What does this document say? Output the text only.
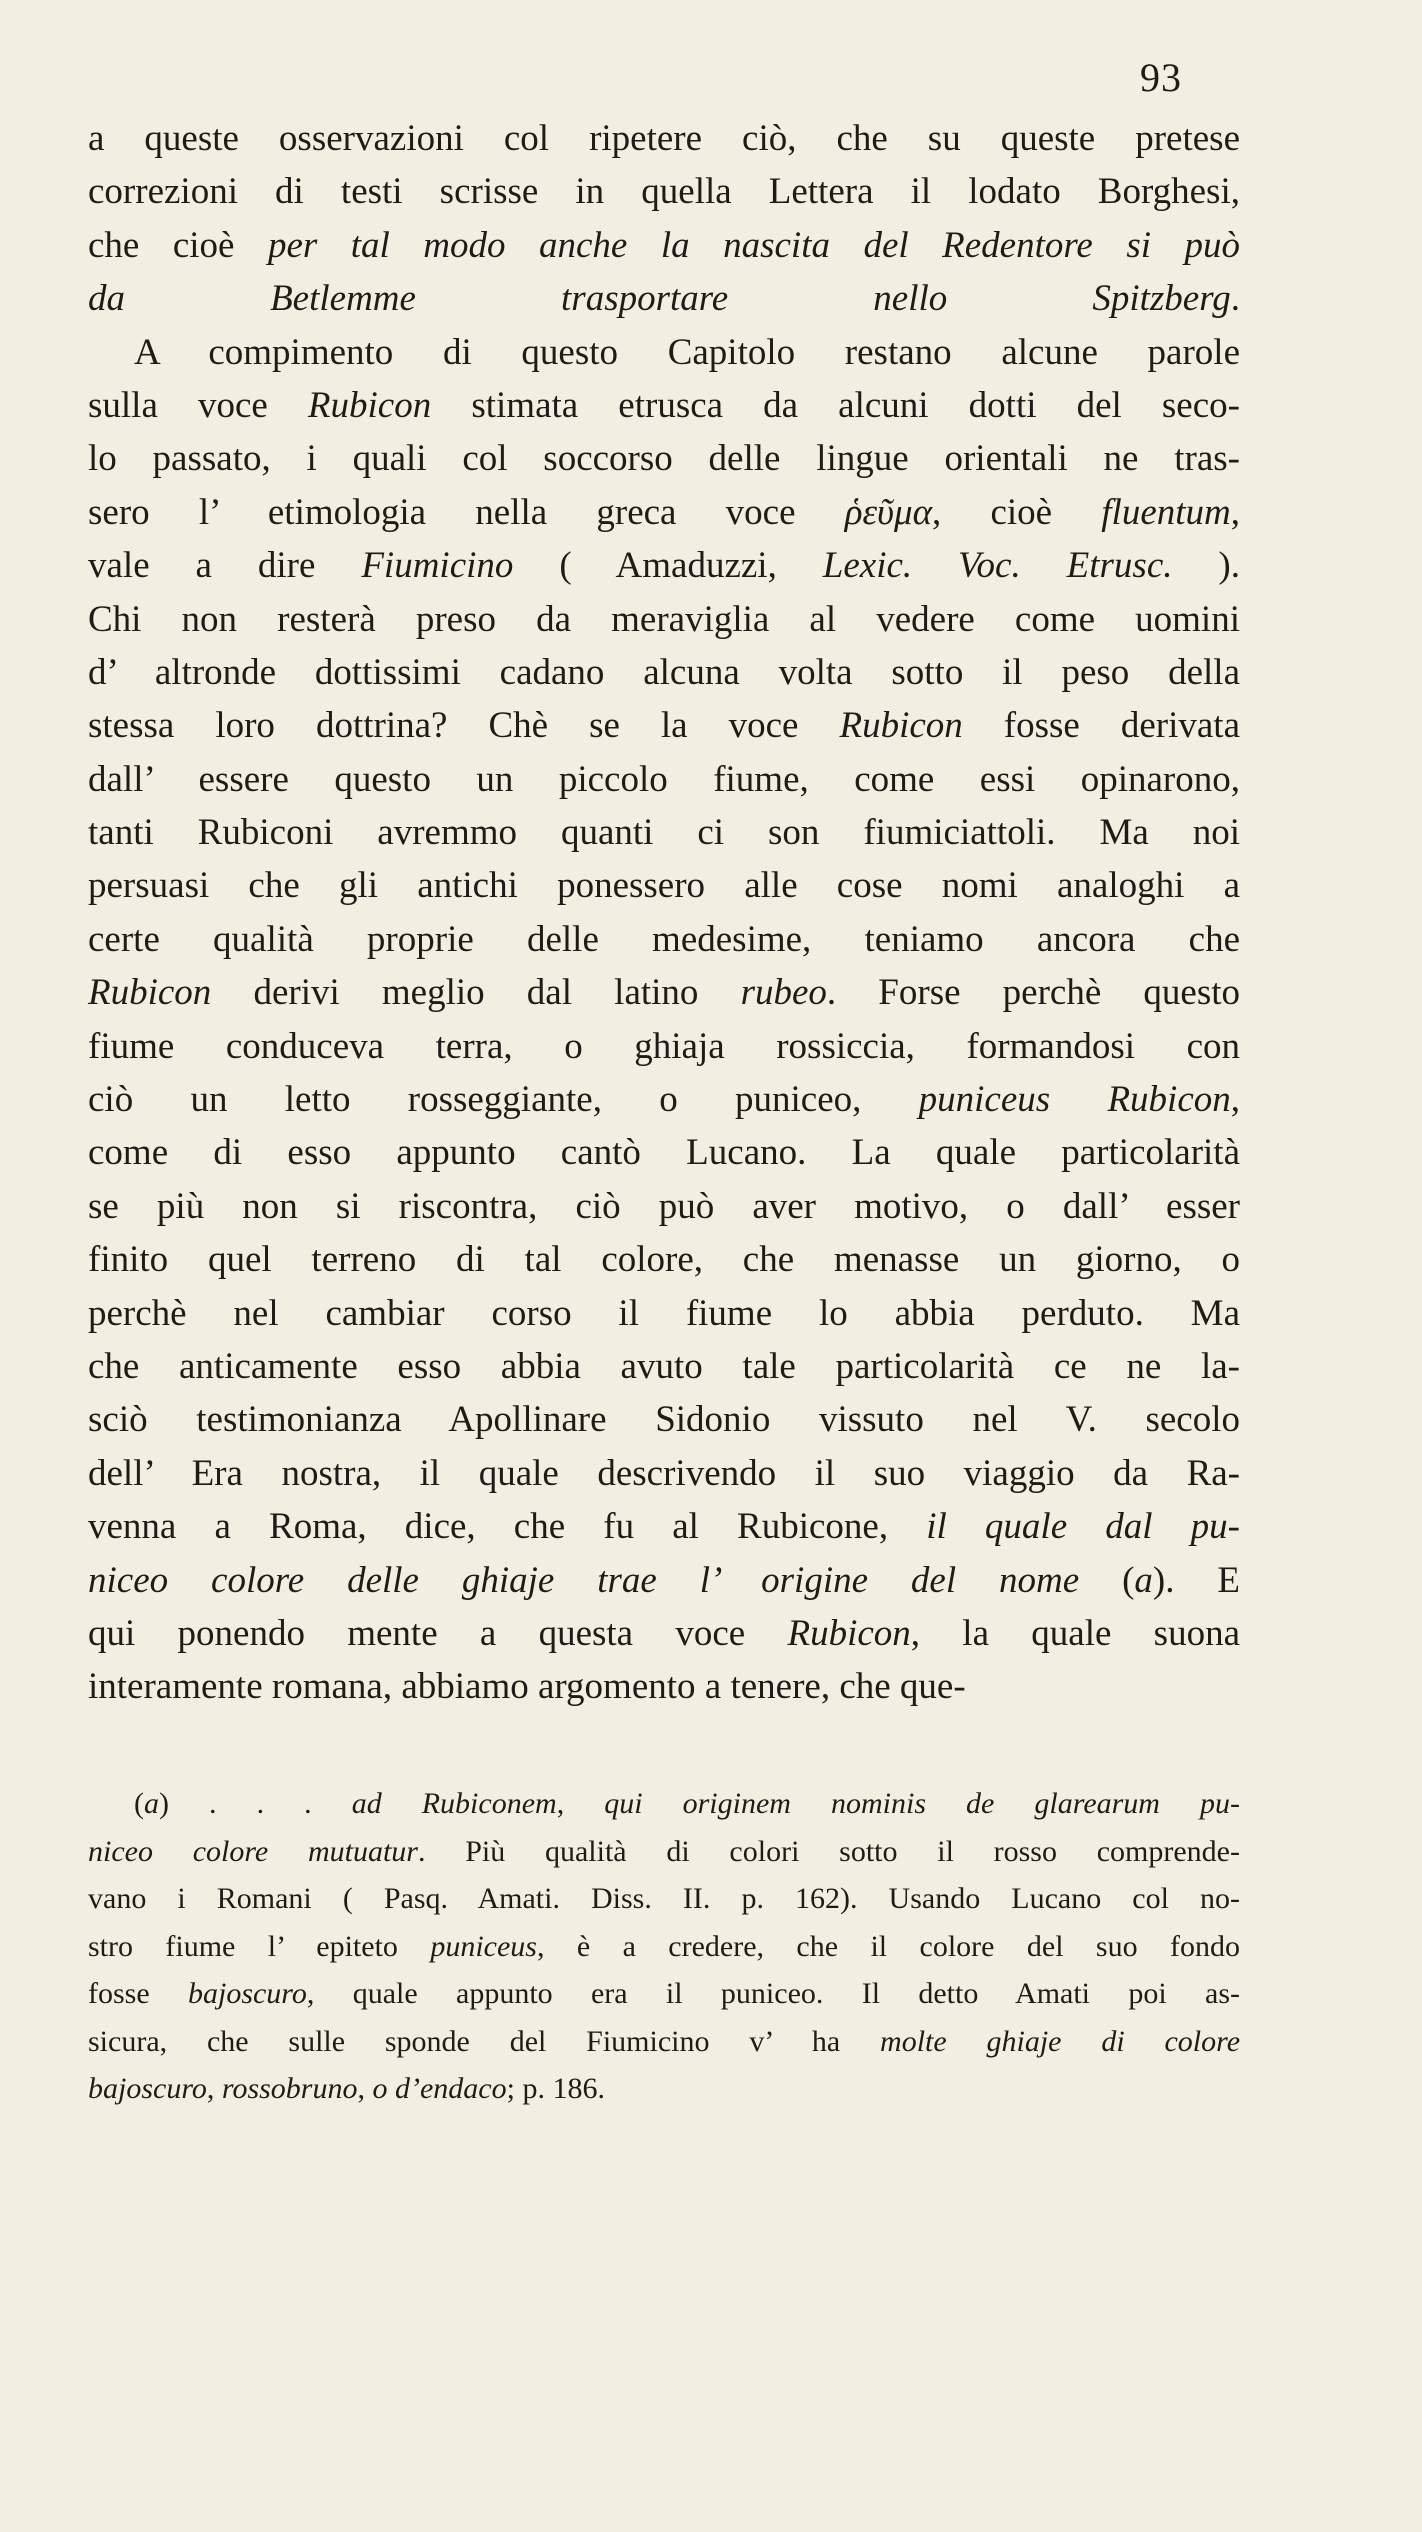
93
a queste osservazioni col ripetere ciò, che su queste pretese
correzioni di testi scrisse in quella Lettera il lodato Borghesi,
che cioè per tal modo anche la nascita del Redentore si può
da Betlemme trasportare nello Spitzberg.
A compimento di questo Capitolo restano alcune parole
sulla voce Rubicon stimata etrusca da alcuni dotti del seco-
lo passato, i quali col soccorso delle lingue orientali ne tras-
sero l’ etimologia nella greca voce ῥεῦμα, cioè fluentum,
vale a dire Fiumicino ( Amaduzzi, Lexic. Voc. Etrusc. ).
Chi non resterà preso da meraviglia al vedere come uomini
d’ altronde dottissimi cadano alcuna volta sotto il peso della
stessa loro dottrina? Chè se la voce Rubicon fosse derivata
dall’ essere questo un piccolo fiume, come essi opinarono,
tanti Rubiconi avremmo quanti ci son fiumiciattoli. Ma noi
persuasi che gli antichi ponessero alle cose nomi analoghi a
certe qualità proprie delle medesime, teniamo ancora che
Rubicon derivi meglio dal latino rubeo. Forse perchè questo
fiume conduceva terra, o ghiaja rossiccia, formandosi con
ciò un letto rosseggiante, o puniceo, puniceus Rubicon,
come di esso appunto cantò Lucano. La quale particolarità
se più non si riscontra, ciò può aver motivo, o dall’ esser
finito quel terreno di tal colore, che menasse un giorno, o
perchè nel cambiar corso il fiume lo abbia perduto. Ma
che anticamente esso abbia avuto tale particolarità ce ne la-
sciò testimonianza Apollinare Sidonio vissuto nel V. secolo
dell’ Era nostra, il quale descrivendo il suo viaggio da Ra-
venna a Roma, dice, che fu al Rubicone, il quale dal pu-
niceo colore delle ghiaje trae l’ origine del nome (a). E
qui ponendo mente a questa voce Rubicon, la quale suona
interamente romana, abbiamo argomento a tenere, che que-
(a) . . . ad Rubiconem, qui originem nominis de glarearum pu-
niceo colore mutuatur. Più qualità di colori sotto il rosso comprende-
vano i Romani ( Pasq. Amati. Diss. II. p. 162). Usando Lucano col no-
stro fiume l’ epiteto puniceus, è a credere, che il colore del suo fondo
fosse bajoscuro, quale appunto era il puniceo. Il detto Amati poi as-
sicura, che sulle sponde del Fiumicino v’ ha molte ghiaje di colore
bajoscuro, rossobruno, o d’endaco; p. 186.
